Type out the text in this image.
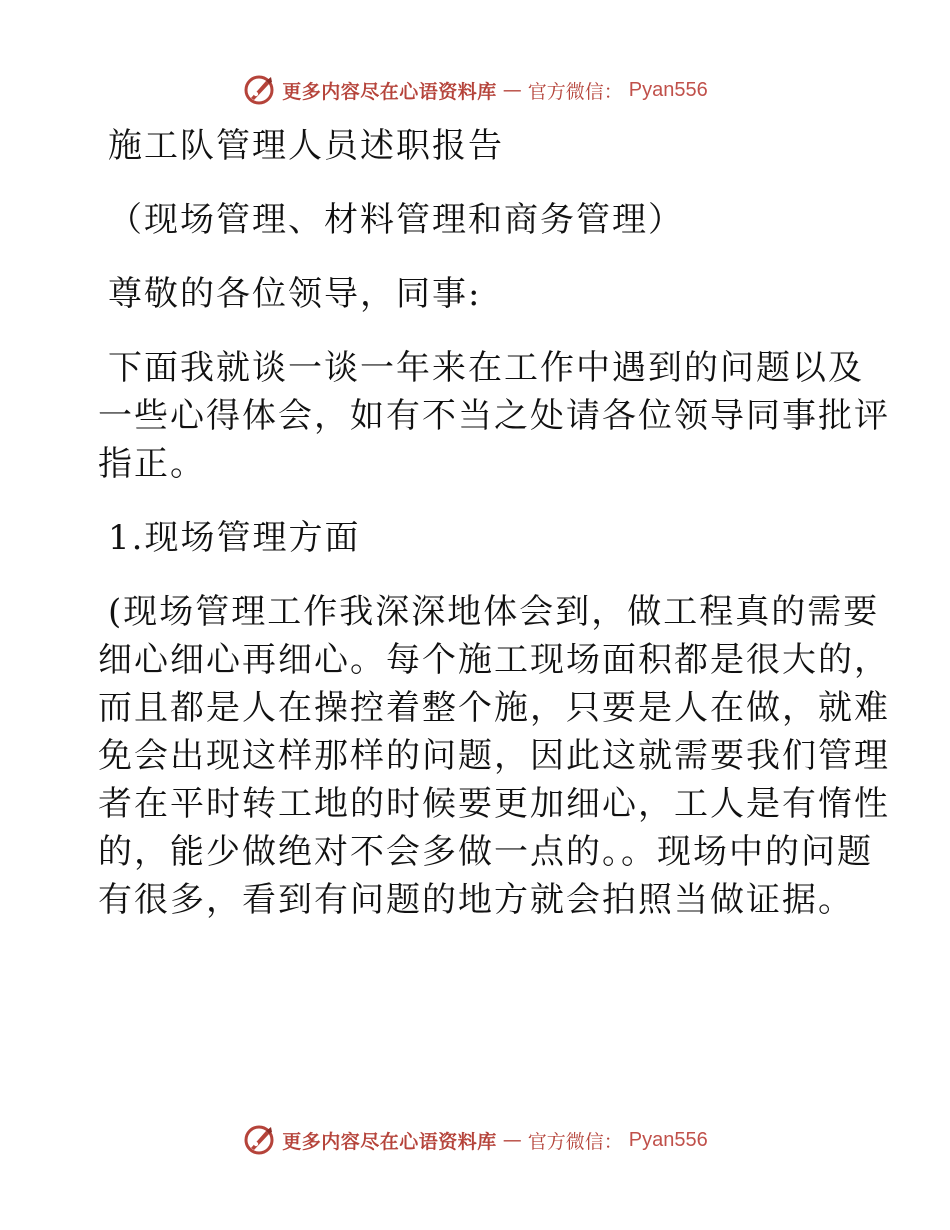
更多内容尽在心语资料库 — 官方微信： Pyan556

施工队管理人员述职报告

（现场管理、材料管理和商务管理）

尊敬的各位领导，同事:

下面我就谈一谈一年来在工作中遇到的问题以及

一些心得体会，如有不当之处请各位领导同事批评

指正。

1.现场管理方面

(现场管理工作我深深地体会到，做工程真的需要

细心细心再细心。每个施工现场面积都是很大的，

而且都是人在操控着整个施，只要是人在做，就难

免会出现这样那样的问题，因此这就需要我们管理

者在平时转工地的时候要更加细心，工人是有惰性

的，能少做绝对不会多做一点的。。现场中的问题

有很多，看到有问题的地方就会拍照当做证据。

更多内容尽在心语资料库 — 官方微信： Pyan556
